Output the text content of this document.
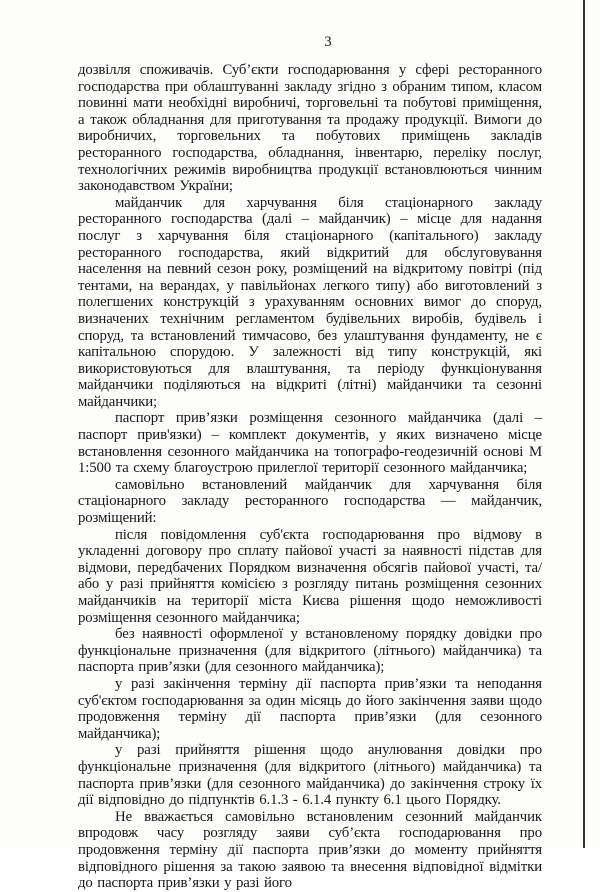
3

дозвілля споживачів. Суб’єкти господарювання у сфері ресторанного господарства при облаштуванні закладу згідно з обраним типом, класом повинні мати необхідні виробничі, торговельні та побутові приміщення, а також обладнання для приготування та продажу продукції. Вимоги до виробничих, торговельних та побутових приміщень закладів ресторанного господарства, обладнання, інвентарю, переліку послуг, технологічних режимів виробництва продукції встановлюються чинним законодавством України;

майданчик для харчування біля стаціонарного закладу ресторанного господарства (далі – майданчик) – місце для надання послуг з харчування біля стаціонарного (капітального) закладу ресторанного господарства, який відкритий для обслуговування населення на певний сезон року, розміщений на відкритому повітрі (під тентами, на верандах, у павільйонах легкого типу) або виготовлений з полегшених конструкцій з урахуванням основних вимог до споруд, визначених технічним регламентом будівельних виробів, будівель і споруд, та встановлений тимчасово, без улаштування фундаменту, не є капітальною спорудою. У залежності від типу конструкцій, які використовуються для влаштування, та періоду функціонування майданчики поділяються на відкриті (літні) майданчики та сезонні майданчики;

паспорт прив’язки розміщення сезонного майданчика (далі – паспорт прив'язки) – комплект документів, у яких визначено місце встановлення сезонного майданчика на топографо-геодезичній основі М 1:500 та схему благоустрою прилеглої території сезонного майданчика;

самовільно встановлений майданчик для харчування біля стаціонарного закладу ресторанного господарства — майданчик, розміщений:

після повідомлення суб'єкта господарювання про відмову в укладенні договору про сплату пайової участі за наявності підстав для відмови, передбачених Порядком визначення обсягів пайової участі, та/або у разі прийняття комісією з розгляду питань розміщення сезонних майданчиків на території міста Києва рішення щодо неможливості розміщення сезонного майданчика;

без наявності оформленої у встановленому порядку довідки про функціональне призначення (для відкритого (літнього) майданчика) та паспорта прив’язки (для сезонного майданчика);

у разі закінчення терміну дії паспорта прив’язки та неподання суб'єктом господарювання за один місяць до його закінчення заяви щодо продовження терміну дії паспорта прив’язки (для сезонного майданчика);

у разі прийняття рішення щодо анулювання довідки про функціональне призначення (для відкритого (літнього) майданчика) та паспорта прив’язки (для сезонного майданчика) до закінчення строку їх дії відповідно до підпунктів 6.1.3 - 6.1.4 пункту 6.1 цього Порядку.

Не вважається самовільно встановленим сезонний майданчик впродовж часу розгляду заяви суб’єкта господарювання про продовження терміну дії паспорта прив’язки до моменту прийняття відповідного рішення за такою заявою та внесення відповідної відмітки до паспорта прив’язки у разі його
